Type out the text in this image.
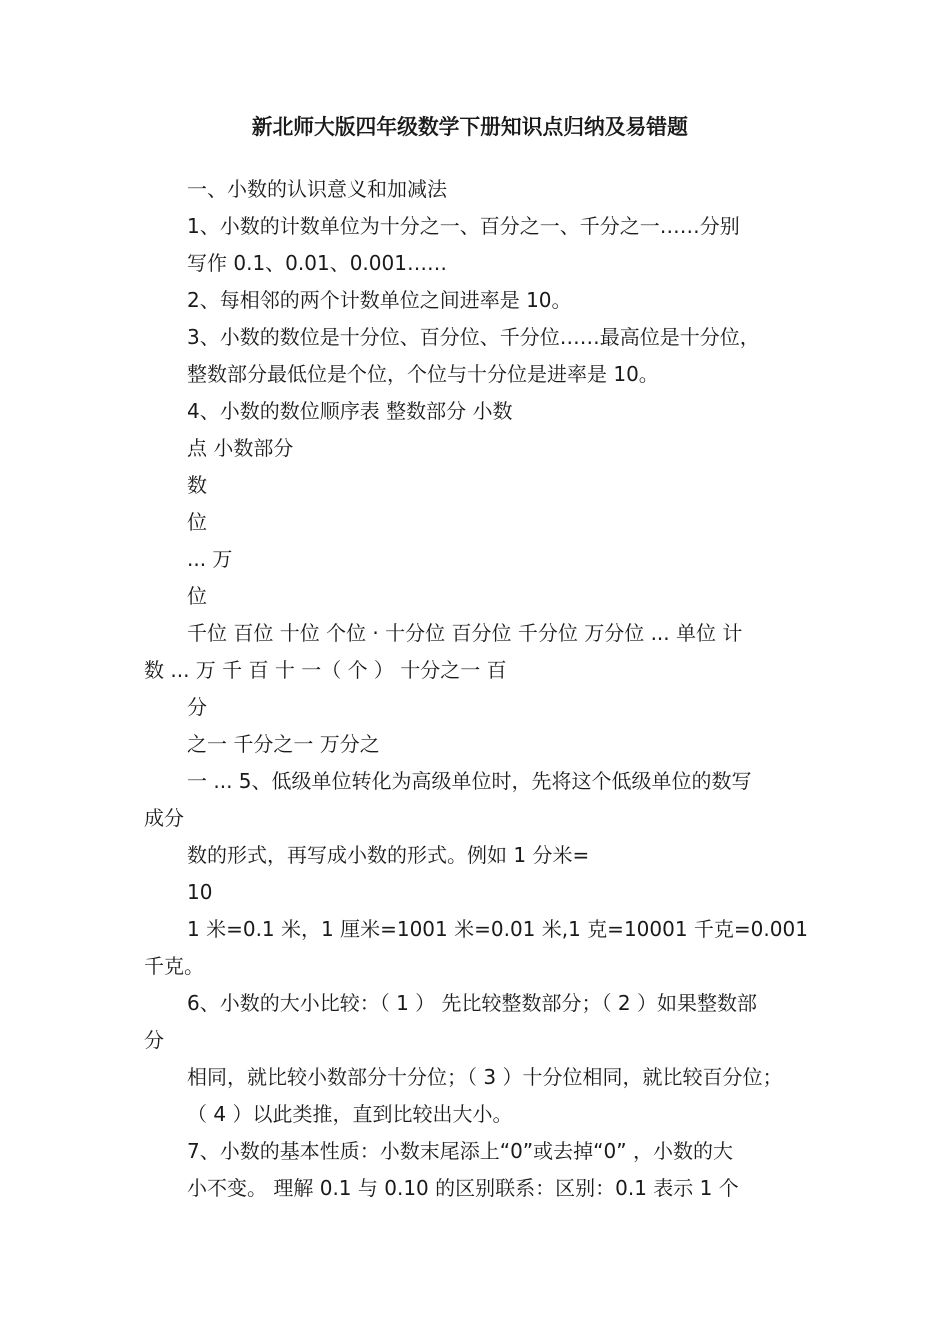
新北师大版四年级数学下册知识点归纳及易错题
一、小数的认识意义和加减法
1、小数的计数单位为十分之一、百分之一、千分之一……分别
写作 0.1、0.01、0.001……
2、每相邻的两个计数单位之间进率是 10。
3、小数的数位是十分位、百分位、千分位……最高位是十分位，
整数部分最低位是个位，个位与十分位是进率是 10。
4、小数的数位顺序表 整数部分 小数
点 小数部分
数
位
... 万
位
千位 百位 十位 个位 · 十分位 百分位 千分位 万分位 ... 单位 计
数 ... 万 千 百 十 一（ 个 ） 十分之一 百
分
之一 千分之一 万分之
一 ... 5、低级单位转化为高级单位时，先将这个低级单位的数写
成分
数的形式，再写成小数的形式。例如 1 分米=
10
1 米=0.1 米，1 厘米=1001 米=0.01 米,1 克=10001 千克=0.001
千克。
6、小数的大小比较：（ 1 ） 先比较整数部分；（ 2 ）如果整数部
分
相同，就比较小数部分十分位；（ 3 ）十分位相同，就比较百分位；
（ 4 ）以此类推，直到比较出大小。
7、小数的基本性质：小数末尾添上“0”或去掉“0” ，小数的大
小不变。 理解 0.1 与 0.10 的区别联系：区别：0.1 表示 1 个
